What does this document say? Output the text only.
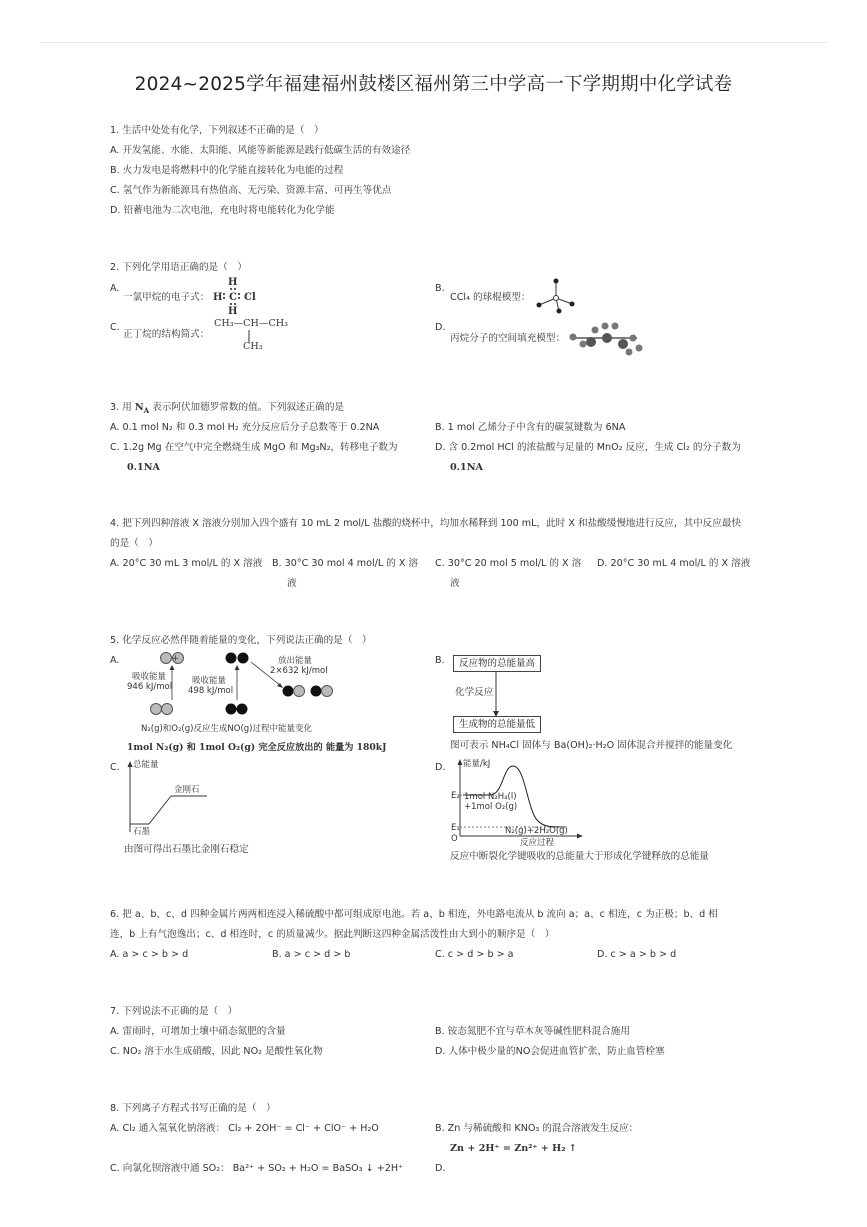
2024~2025学年福建福州鼓楼区福州第三中学高一下学期期中化学试卷
1. 生活中处处有化学，下列叙述不正确的是（　）
A. 开发氢能、水能、太阳能、风能等新能源是践行低碳生活的有效途径
B. 火力发电是将燃料中的化学能直接转化为电能的过程
C. 氢气作为新能源具有热值高、无污染、资源丰富、可再生等优点
D. 铅蓄电池为二次电池，充电时将电能转化为化学能
2. 下列化学用语正确的是（　）
A.
一氯甲烷的电子式：
H
H C Cl
H
B.
CCl₄ 的球棍模型：
C.
正丁烷的结构简式：
CH₃—CH—CH₃
CH₃
D.
丙烷分子的空间填充模型：
3. 用 $N_A$ 表示阿伏加德罗常数的值。下列叙述正确的是
A. 0.1 mol N₂ 和 0.3 mol H₂ 充分反应后分子总数等于 0.2NA	B. 1 mol 乙烯分子中含有的碳氢键数为 6NA
C. 1.2g Mg 在空气中完全燃烧生成 MgO 和 Mg₃N₂，转移电子数为
0.1NA
D. 含 0.2mol HCl 的浓盐酸与足量的 MnO₂ 反应，生成 Cl₂ 的分子数为
0.1NA
4. 把下列四种溶液 X 溶液分别加入四个盛有 10 mL 2 mol/L 盐酸的烧杯中，均加水稀释到 100 mL，此时 X 和盐酸缓慢地进行反应，其中反应最快
的是（　）
A. 20°C 30 mL 3 mol/L 的 X 溶液 B. 30°C 30 mol 4 mol/L 的 X 溶
液
C. 30°C 20 mol 5 mol/L 的 X 溶
液
D. 20°C 30 mL 4 mol/L 的 X 溶液
5. 化学反应必然伴随着能量的变化，下列说法正确的是（　）
A.	+	放出能量
2×632 kJ/mol
吸收能量
946 kJ/mol
吸收能量
498 kJ/mol
N₂(g)和O₂(g)反应生成NO(g)过程中能量变化
1mol N₂(g) 和 1mol O₂(g) 完全反应放出的 能量为 180kJ
B.	反应物的总能量高
化学反应
生成物的总能量低
图可表示 NH₄Cl 固体与 Ba(OH)₂·H₂O 固体混合并搅拌的能量变化
C. 总能量
金刚石
石墨
由图可得出石墨比金刚石稳定
D. 能量/kJ
E₂
E₁
O
1mol N₂H₄(l)
+1mol O₂(g)
N₂(g)+2H₂O(g)
反应过程
反应中断裂化学键吸收的总能量大于形成化学键释放的总能量
6. 把 a、b、c、d 四种金属片两两相连浸入稀硫酸中都可组成原电池。若 a、b 相连，外电路电流从 b 流向 a；a、c 相连，c 为正极；b、d 相
连，b 上有气泡逸出；c、d 相连时，c 的质量减少。据此判断这四种金属活泼性由大到小的顺序是（　）
A. a > c > b > d	B. a > c > d > b	C. c > d > b > a	D. c > a > b > d
7. 下列说法不正确的是（　）
A. 雷雨时，可增加土壤中硝态氮肥的含量	B. 铵态氮肥不宜与草木灰等碱性肥料混合施用
C. NO₂ 溶于水生成硝酸，因此 NO₂ 是酸性氧化物	D. 人体中极少量的NO会促进血管扩张，防止血管栓塞
8. 下列离子方程式书写正确的是（　）
A. Cl₂ 通入氢氧化钠溶液： Cl₂ + 2OH⁻ = Cl⁻ + ClO⁻ + H₂O	B. Zn 与稀硫酸和 KNO₃ 的混合溶液发生反应：
Zn + 2H⁺ = Zn²⁺ + H₂ ↑
C. 向氯化钡溶液中通 SO₂： Ba²⁺ + SO₂ + H₂O = BaSO₃ ↓ +2H⁺	D.
